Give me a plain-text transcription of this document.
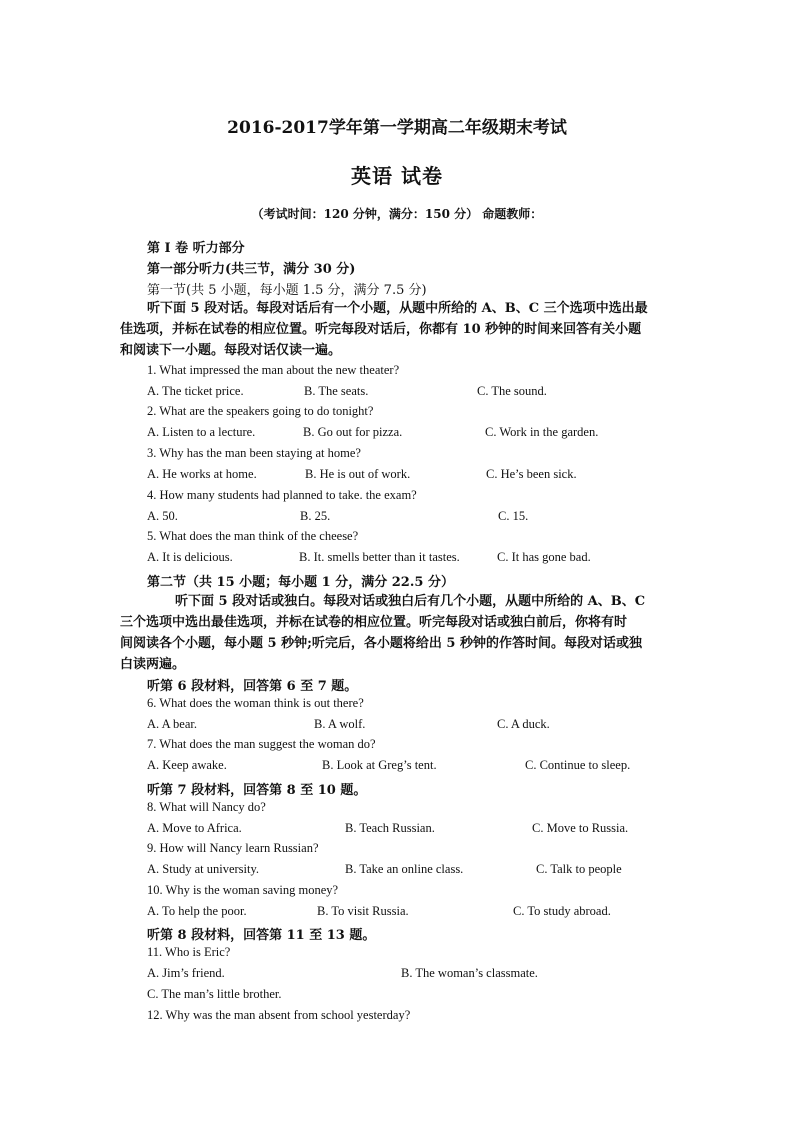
2016-2017学年第一学期高二年级期末考试
英语 试卷
（考试时间：120 分钟，满分：150 分） 命题教师：
第 I 卷 听力部分
第一部分听力(共三节，满分 30 分)
第一节(共 5 小题，每小题 1.5 分，满分 7.5 分)
听下面 5 段对话。每段对话后有一个小题，从题中所给的 A、B、C 三个选项中选出最
佳选项，并标在试卷的相应位置。听完每段对话后，你都有 10 秒钟的时间来回答有关小题
和阅读下一小题。每段对话仅读一遍。
1. What impressed the man about the new theater?
A. The ticket price.	B. The seats.	C. The sound.
2. What are the speakers going to do tonight?
A. Listen to a lecture.	B. Go out for pizza.	C. Work in the garden.
3. Why has the man been staying at home?
A. He works at home.	B. He is out of work.	C. He’s been sick.
4. How many students had planned to take. the exam?
A. 50.	B. 25.	C. 15.
5. What does the man think of the cheese?
A. It is delicious.	B. It. smells better than it tastes.	C. It has gone bad.
第二节（共 15 小题；每小题 1 分，满分 22.5 分）
听下面 5 段对话或独白。每段对话或独白后有几个小题，从题中所给的 A、B、C
三个选项中选出最佳选项，并标在试卷的相应位置。听完每段对话或独白前后，你将有时
间阅读各个小题，每小题 5 秒钟;听完后，各小题将给出 5 秒钟的作答时间。每段对话或独
白读两遍。
听第 6 段材料，回答第 6 至 7 题。
6. What does the woman think is out there?
A. A bear.	B. A wolf.	C. A duck.
7. What does the man suggest the woman do?
A. Keep awake.	B. Look at Greg’s tent.	C. Continue to sleep.
听第 7 段材料，回答第 8 至 10 题。
8. What will Nancy do?
A. Move to Africa.	B. Teach Russian.	C. Move to Russia.
9. How will Nancy learn Russian?
A. Study at university.	B. Take an online class.	C. Talk to people
10. Why is the woman saving money?
A. To help the poor.	B. To visit Russia.	C. To study abroad.
听第 8 段材料，回答第 11 至 13 题。
11. Who is Eric?
A. Jim’s friend.	B. The woman’s classmate.
C. The man’s little brother.
12. Why was the man absent from school yesterday?
